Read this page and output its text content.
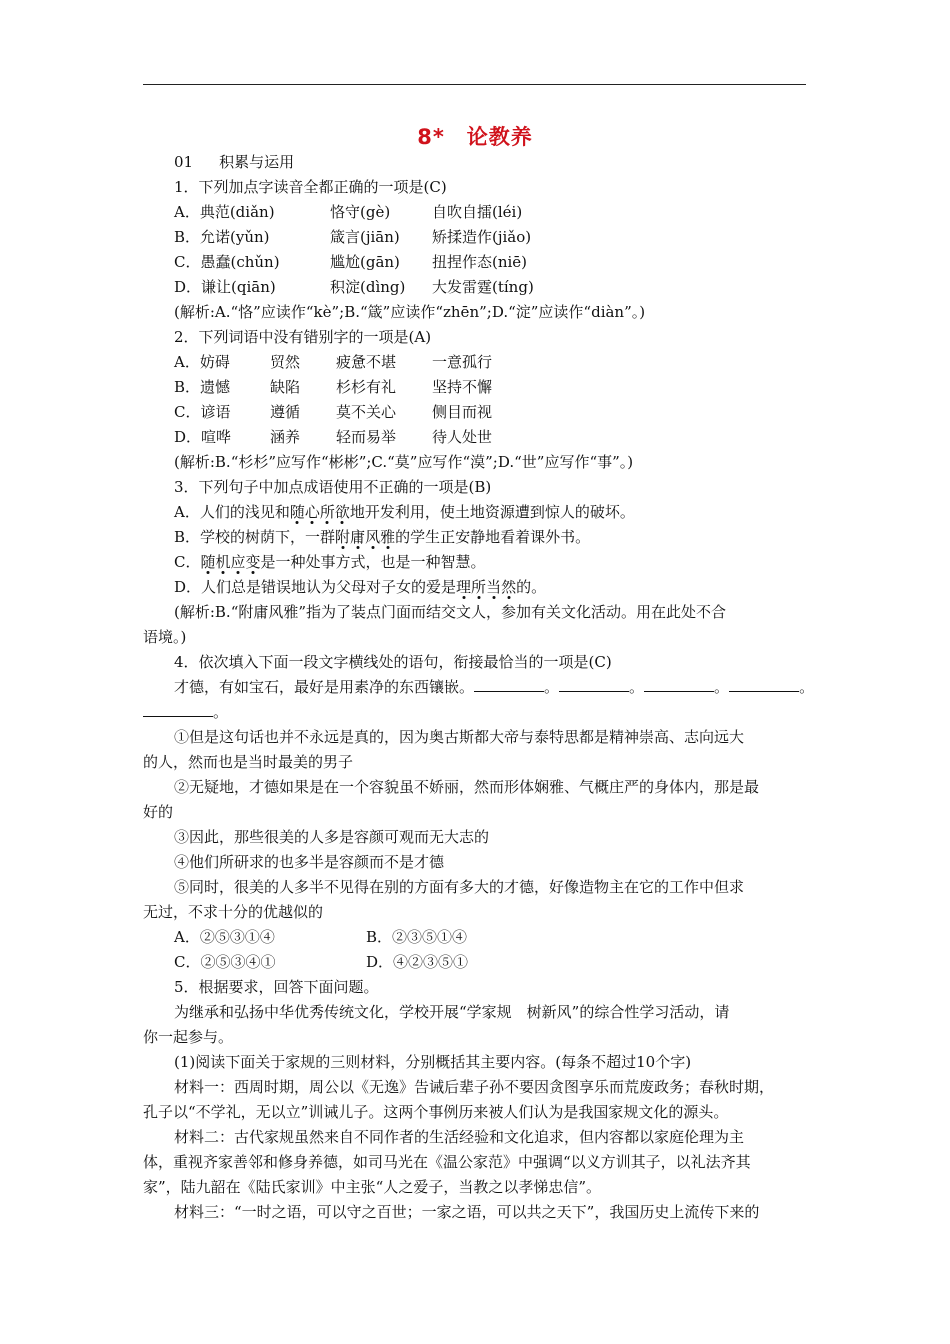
8* 论教养
01 积累与运用
1．下列加点字读音全都正确的一项是(C)
A．典范(diǎn)	恪守(gè)	自吹自擂(léi)
B．允诺(yǔn)	箴言(jiān) 矫揉造作(jiǎo)
C．愚蠢(chǔn)	尴尬(gān) 扭捏作态(niē)
D．谦让(qiān)	积淀(dìng) 大发雷霆(tíng)
(解析:A.“恪”应读作“kè”;B.“箴”应读作“zhēn”;D.“淀”应读作“diàn”。)
2．下列词语中没有错别字的一项是(A)
A．妨碍	贸然 疲惫不堪 一意孤行
B．遗憾	缺陷 杉杉有礼 坚持不懈
C．谚语	遵循 莫不关心 侧目而视
D．喧哗	涵养 轻而易举 待人处世
(解析:B.“杉杉”应写作“彬彬”;C.“莫”应写作“漠”;D.“世”应写作“事”。)
3．下列句子中加点成语使用不正确的一项是(B)
A．人们的浅见和随心所欲地开发利用，使土地资源遭到惊人的破坏。
B．学校的树荫下，一群附庸风雅的学生正安静地看着课外书。
C．随机应变是一种处事方式，也是一种智慧。
D．人们总是错误地认为父母对子女的爱是理所当然的。
(解析:B.“附庸风雅”指为了装点门面而结交文人，参加有关文化活动。用在此处不合
语境。)
4．依次填入下面一段文字横线处的语句，衔接最恰当的一项是(C)
才德，有如宝石，最好是用素净的东西镶嵌。	。	。	。	。
。
①但是这句话也并不永远是真的，因为奥古斯都大帝与泰特思都是精神崇高、志向远大
的人，然而也是当时最美的男子
②无疑地，才德如果是在一个容貌虽不娇丽，然而形体娴雅、气概庄严的身体内，那是最
好的
③因此，那些很美的人多是容颜可观而无大志的
④他们所研求的也多半是容颜而不是才德
⑤同时，很美的人多半不见得在别的方面有多大的才德，好像造物主在它的工作中但求
无过，不求十分的优越似的
A．②⑤③①④	B．②③⑤①④
C．②⑤③④①	D．④②③⑤①
5．根据要求，回答下面问题。
为继承和弘扬中华优秀传统文化，学校开展“学家规　树新风”的综合性学习活动，请
你一起参与。
(1)阅读下面关于家规的三则材料，分别概括其主要内容。(每条不超过10个字)
材料一：西周时期，周公以《无逸》告诫后辈子孙不要因贪图享乐而荒废政务；春秋时期，
孔子以“不学礼，无以立”训诫儿子。这两个事例历来被人们认为是我国家规文化的源头。
材料二：古代家规虽然来自不同作者的生活经验和文化追求，但内容都以家庭伦理为主
体，重视齐家善邻和修身养德，如司马光在《温公家范》中强调“以义方训其子，以礼法齐其
家”，陆九韶在《陆氏家训》中主张“人之爱子，当教之以孝悌忠信”。
材料三：“一时之语，可以守之百世；一家之语，可以共之天下”，我国历史上流传下来的
